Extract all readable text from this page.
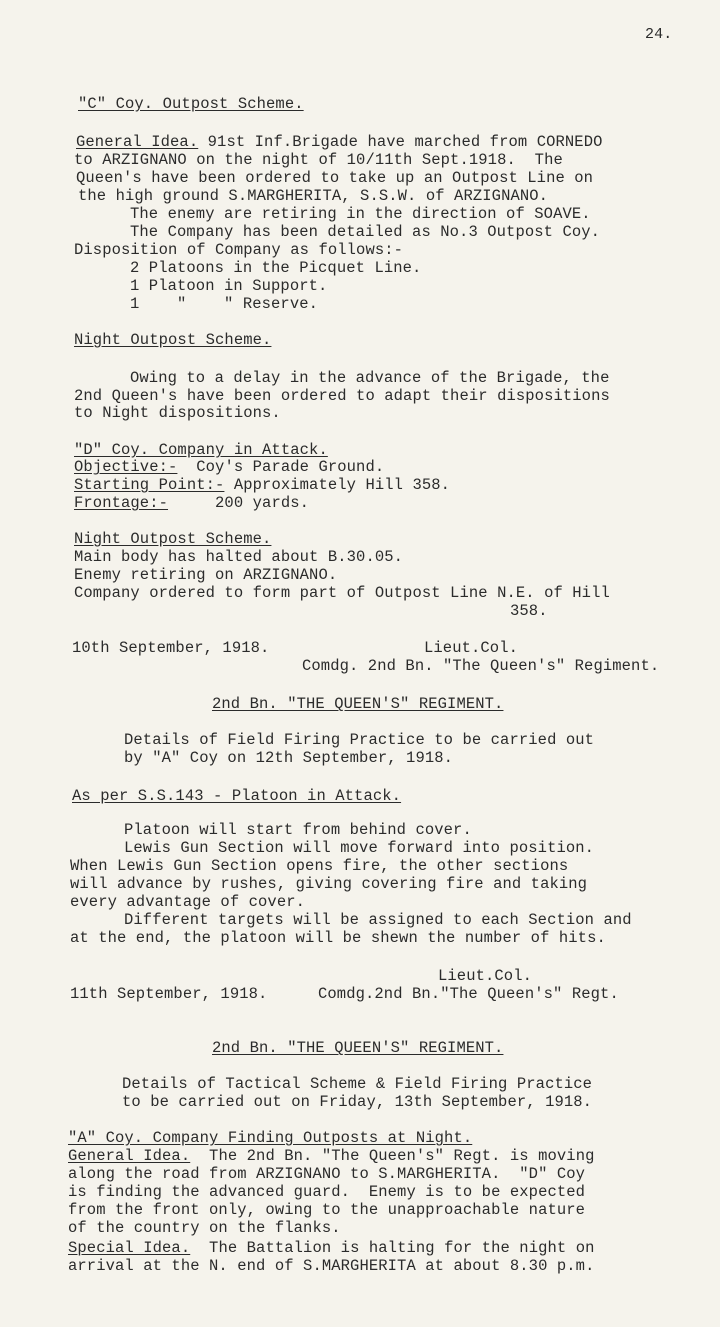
24.
"C" Coy. Outpost Scheme.
General Idea. 91st Inf.Brigade have marched from CORNEDO
to ARZIGNANO on the night of 10/11th Sept.1918.  The
Queen's have been ordered to take up an Outpost Line on
the high ground S.MARGHERITA, S.S.W. of ARZIGNANO.
The enemy are retiring in the direction of SOAVE.
The Company has been detailed as No.3 Outpost Coy.
Disposition of Company as follows:-
2 Platoons in the Picquet Line.
1 Platoon in Support.
1    "    " Reserve.
Night Outpost Scheme.
Owing to a delay in the advance of the Brigade, the
2nd Queen's have been ordered to adapt their dispositions
to Night dispositions.
"D" Coy. Company in Attack.
Objective:- Coy's Parade Ground.
Starting Point:- Approximately Hill 358.
Frontage:-	200 yards.
Night Outpost Scheme.
Main body has halted about B.30.05.
Enemy retiring on ARZIGNANO.
Company ordered to form part of Outpost Line N.E. of Hill
358.
10th September, 1918.	Lieut.Col.
Comdg. 2nd Bn. "The Queen's" Regiment.
2nd Bn. "THE QUEEN'S" REGIMENT.
Details of Field Firing Practice to be carried out
by "A" Coy on 12th September, 1918.
As per S.S.143 - Platoon in Attack.
Platoon will start from behind cover.
Lewis Gun Section will move forward into position.
When Lewis Gun Section opens fire, the other sections
will advance by rushes, giving covering fire and taking
every advantage of cover.
Different targets will be assigned to each Section and
at the end, the platoon will be shewn the number of hits.
Lieut.Col.
11th September, 1918.	Comdg.2nd Bn."The Queen's" Regt.
2nd Bn. "THE QUEEN'S" REGIMENT.
Details of Tactical Scheme & Field Firing Practice
to be carried out on Friday, 13th September, 1918.
"A" Coy. Company Finding Outposts at Night.
General Idea. The 2nd Bn. "The Queen's" Regt. is moving
along the road from ARZIGNANO to S.MARGHERITA.  "D" Coy
is finding the advanced guard.  Enemy is to be expected
from the front only, owing to the unapproachable nature
of the country on the flanks.
Special Idea. The Battalion is halting for the night on
arrival at the N. end of S.MARGHERITA at about 8.30 p.m.
